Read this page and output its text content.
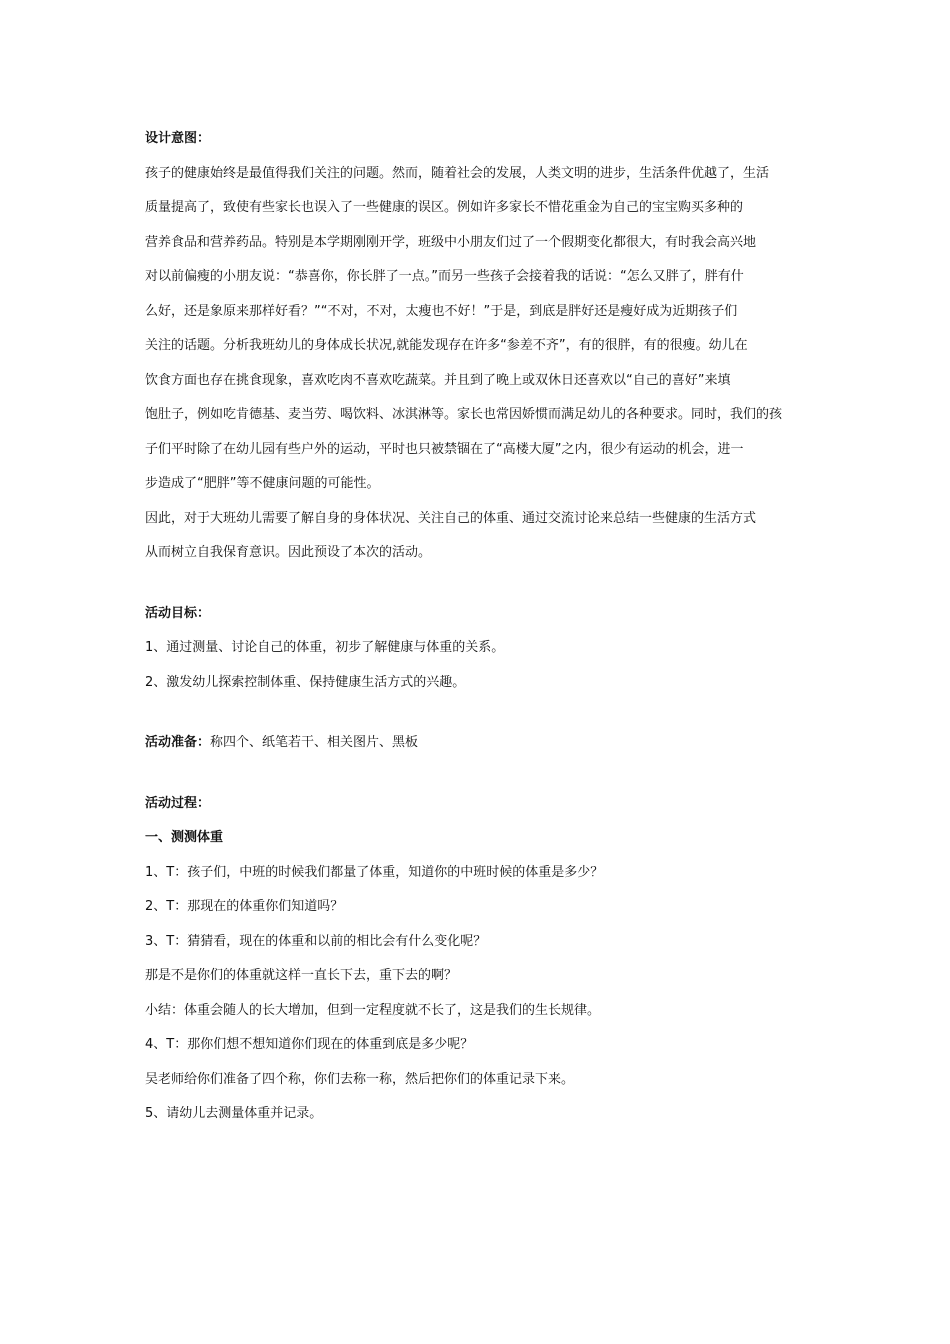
设计意图：
孩子的健康始终是最值得我们关注的问题。然而，随着社会的发展，人类文明的进步，生活条件优越了，生活
质量提高了，致使有些家长也误入了一些健康的误区。例如许多家长不惜花重金为自己的宝宝购买多种的
营养食品和营养药品。特别是本学期刚刚开学，班级中小朋友们过了一个假期变化都很大，有时我会高兴地
对以前偏瘦的小朋友说：“恭喜你，你长胖了一点。”而另一些孩子会接着我的话说：“怎么又胖了，胖有什
么好，还是象原来那样好看？”“不对，不对，太瘦也不好！”于是，到底是胖好还是瘦好成为近期孩子们
关注的话题。分析我班幼儿的身体成长状况,就能发现存在许多“参差不齐”，有的很胖，有的很瘦。幼儿在
饮食方面也存在挑食现象，喜欢吃肉不喜欢吃蔬菜。并且到了晚上或双休日还喜欢以“自己的喜好”来填
饱肚子，例如吃肯德基、麦当劳、喝饮料、冰淇淋等。家长也常因娇惯而满足幼儿的各种要求。同时，我们的孩
子们平时除了在幼儿园有些户外的运动，平时也只被禁锢在了“高楼大厦”之内，很少有运动的机会，进一
步造成了“肥胖”等不健康问题的可能性。
因此，对于大班幼儿需要了解自身的身体状况、关注自己的体重、通过交流讨论来总结一些健康的生活方式
从而树立自我保育意识。因此预设了本次的活动。
活动目标：
1、通过测量、讨论自己的体重，初步了解健康与体重的关系。
2、激发幼儿探索控制体重、保持健康生活方式的兴趣。
活动准备：称四个、纸笔若干、相关图片、黑板
活动过程：
一、测测体重
1、T：孩子们，中班的时候我们都量了体重，知道你的中班时候的体重是多少？
2、T：那现在的体重你们知道吗？
3、T：猜猜看，现在的体重和以前的相比会有什么变化呢？
那是不是你们的体重就这样一直长下去，重下去的啊？
小结：体重会随人的长大增加，但到一定程度就不长了，这是我们的生长规律。
4、T：那你们想不想知道你们现在的体重到底是多少呢？
吴老师给你们准备了四个称，你们去称一称，然后把你们的体重记录下来。
5、请幼儿去测量体重并记录。
